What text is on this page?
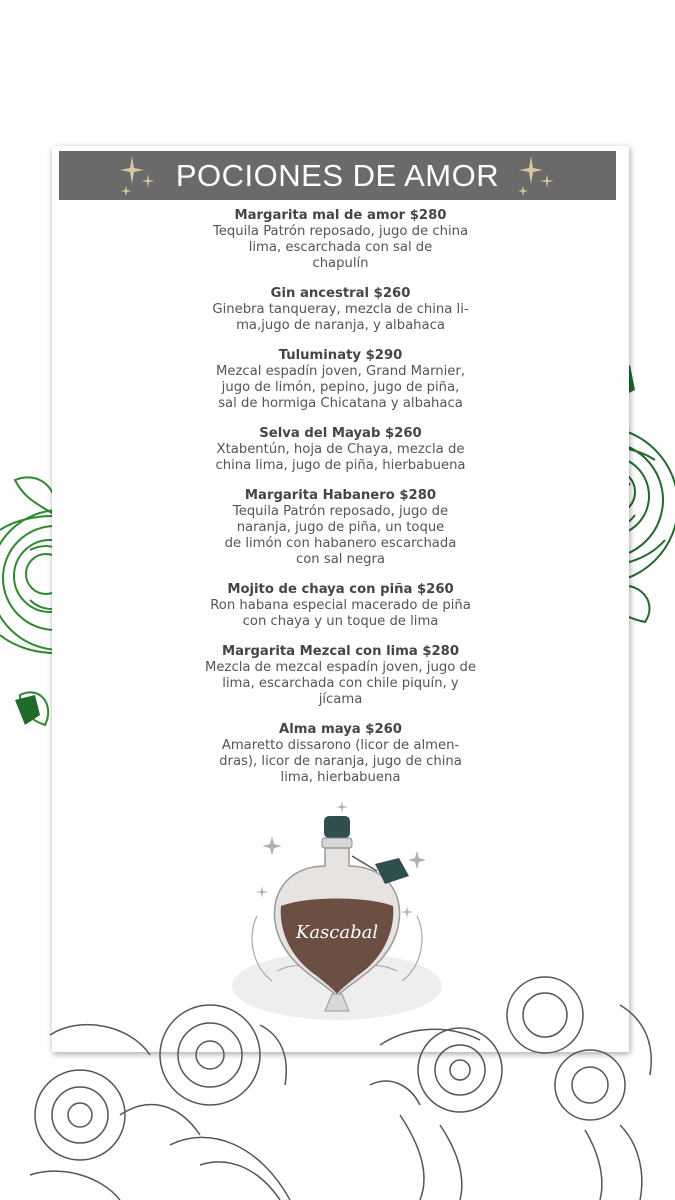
POCIONES DE AMOR
Margarita mal de amor $280
Tequila Patrón reposado, jugo de china
lima, escarchada con sal de
chapulín
Gin ancestral $260
Ginebra tanqueray, mezcla de china li-
ma,jugo de naranja, y albahaca
Tuluminaty $290
Mezcal espadín joven, Grand Marnier,
jugo de limón, pepino, jugo de piña,
sal de hormiga Chicatana y albahaca
Selva del Mayab $260
Xtabentún, hoja de Chaya, mezcla de
china lima, jugo de piña, hierbabuena
Margarita Habanero $280
Tequila Patrón reposado, jugo de
naranja, jugo de piña, un toque
de limón con habanero escarchada
con sal negra
Mojito de chaya con piña $260
Ron habana especial macerado de piña
con chaya y un toque de lima
Margarita Mezcal con lima $280
Mezcla de mezcal espadín joven, jugo de
lima, escarchada con chile piquín, y
jícama
Alma maya $260
Amaretto dissarono (licor de almen-
dras), licor de naranja, jugo de china
lima, hierbabuena
Kascabal
